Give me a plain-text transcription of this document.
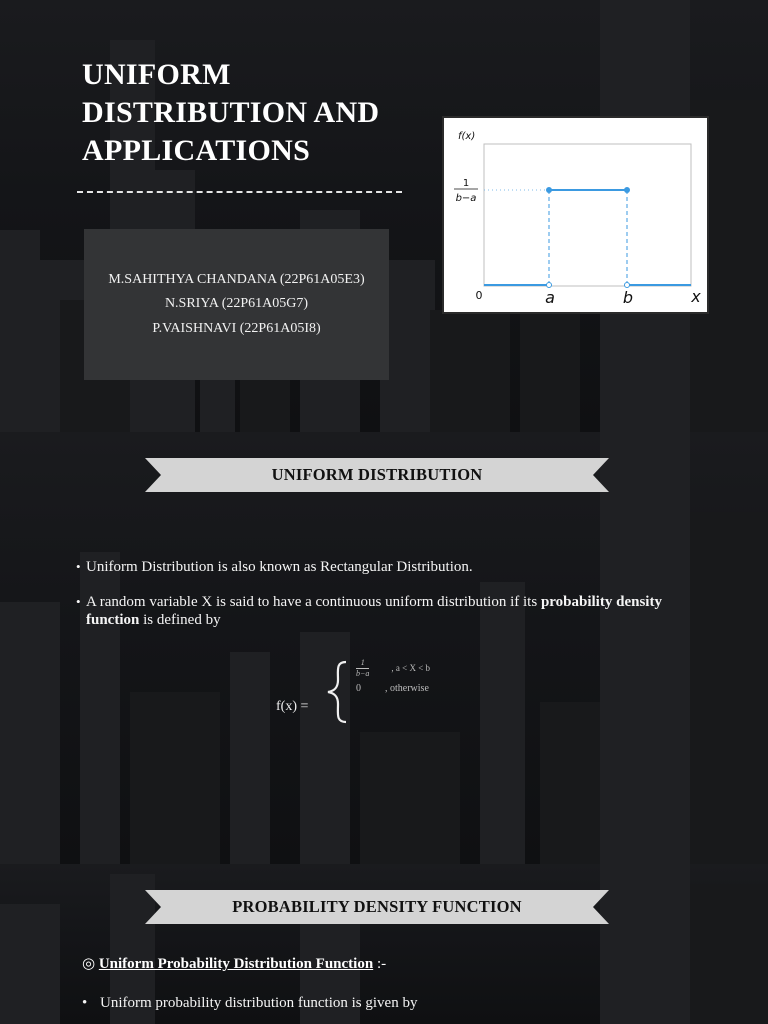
UNIFORM
DISTRIBUTION AND
APPLICATIONS
M.SAHITHYA CHANDANA (22P61A05E3)
N.SRIYA (22P61A05G7)
P.VAISHNAVI (22P61A05I8)
f(x)
1
b−a
0	a	b	x
UNIFORM DISTRIBUTION
• Uniform Distribution is also known as Rectangular Distribution.
• A random variable X is said to have a continuous uniform distribution if its probability density function is defined by
f(x) =
$\frac{1}{b-a}$ , a < X < b
0 , otherwise
PROBABILITY DENSITY FUNCTION
◎ Uniform Probability Distribution Function :-
• Uniform probability distribution function is given by
